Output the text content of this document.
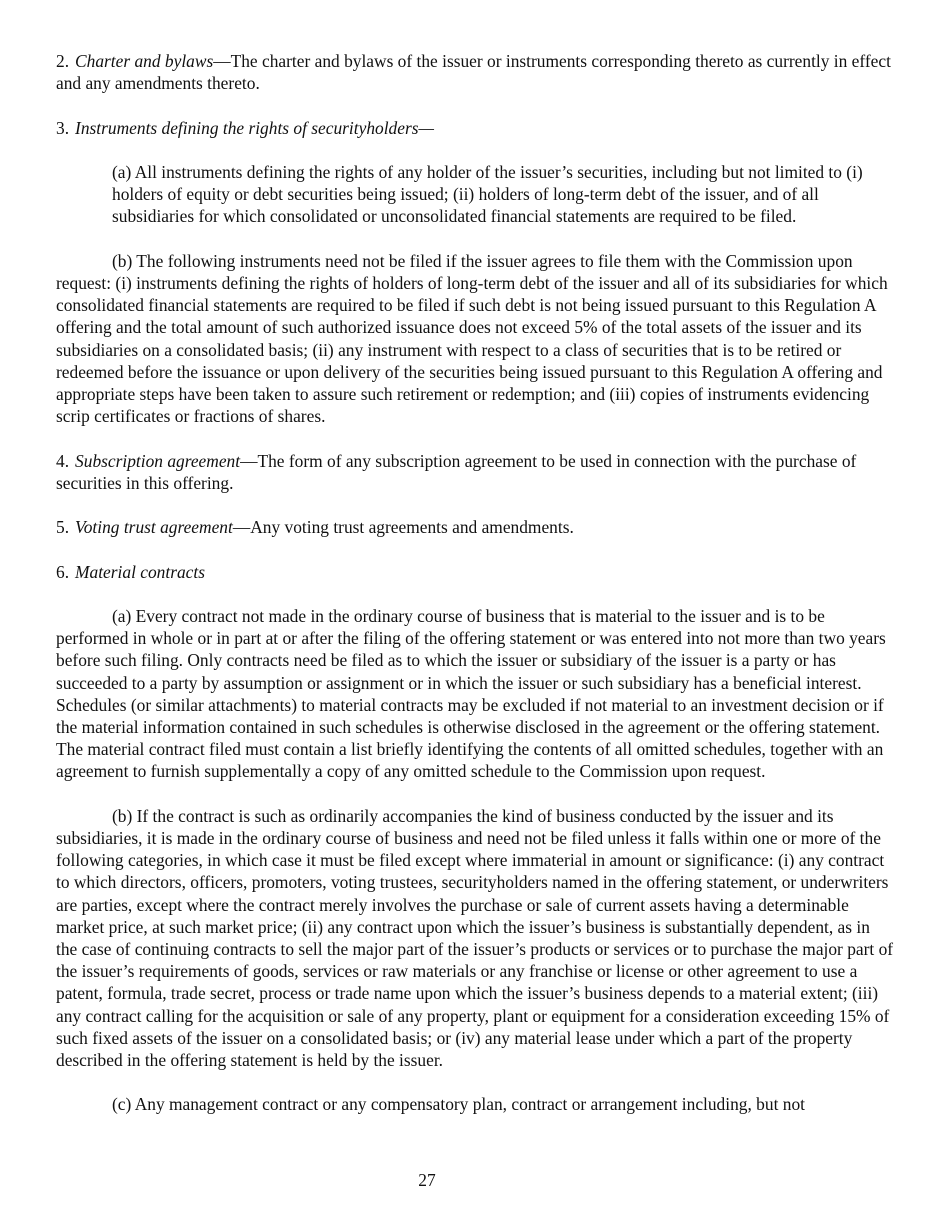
2. Charter and bylaws—The charter and bylaws of the issuer or instruments corresponding thereto as currently in effect and any amendments thereto.

3. Instruments defining the rights of securityholders—

(a) All instruments defining the rights of any holder of the issuer’s securities, including but not limited to (i) holders of equity or debt securities being issued; (ii) holders of long-term debt of the issuer, and of all subsidiaries for which consolidated or unconsolidated financial statements are required to be filed.

(b) The following instruments need not be filed if the issuer agrees to file them with the Commission upon request: (i) instruments defining the rights of holders of long-term debt of the issuer and all of its subsidiaries for which consolidated financial statements are required to be filed if such debt is not being issued pursuant to this Regulation A offering and the total amount of such authorized issuance does not exceed 5% of the total assets of the issuer and its subsidiaries on a consolidated basis; (ii) any instrument with respect to a class of securities that is to be retired or redeemed before the issuance or upon delivery of the securities being issued pursuant to this Regulation A offering and appropriate steps have been taken to assure such retirement or redemption; and (iii) copies of instruments evidencing scrip certificates or fractions of shares.

4. Subscription agreement—The form of any subscription agreement to be used in connection with the purchase of securities in this offering.

5. Voting trust agreement—Any voting trust agreements and amendments.

6. Material contracts

(a) Every contract not made in the ordinary course of business that is material to the issuer and is to be performed in whole or in part at or after the filing of the offering statement or was entered into not more than two years before such filing. Only contracts need be filed as to which the issuer or subsidiary of the issuer is a party or has succeeded to a party by assumption or assignment or in which the issuer or such subsidiary has a beneficial interest. Schedules (or similar attachments) to material contracts may be excluded if not material to an investment decision or if the material information contained in such schedules is otherwise disclosed in the agreement or the offering statement. The material contract filed must contain a list briefly identifying the contents of all omitted schedules, together with an agreement to furnish supplementally a copy of any omitted schedule to the Commission upon request.

(b) If the contract is such as ordinarily accompanies the kind of business conducted by the issuer and its subsidiaries, it is made in the ordinary course of business and need not be filed unless it falls within one or more of the following categories, in which case it must be filed except where immaterial in amount or significance: (i) any contract to which directors, officers, promoters, voting trustees, securityholders named in the offering statement, or underwriters are parties, except where the contract merely involves the purchase or sale of current assets having a determinable market price, at such market price; (ii) any contract upon which the issuer’s business is substantially dependent, as in the case of continuing contracts to sell the major part of the issuer’s products or services or to purchase the major part of the issuer’s requirements of goods, services or raw materials or any franchise or license or other agreement to use a patent, formula, trade secret, process or trade name upon which the issuer’s business depends to a material extent; (iii) any contract calling for the acquisition or sale of any property, plant or equipment for a consideration exceeding 15% of such fixed assets of the issuer on a consolidated basis; or (iv) any material lease under which a part of the property described in the offering statement is held by the issuer.

(c) Any management contract or any compensatory plan, contract or arrangement including, but not

27
